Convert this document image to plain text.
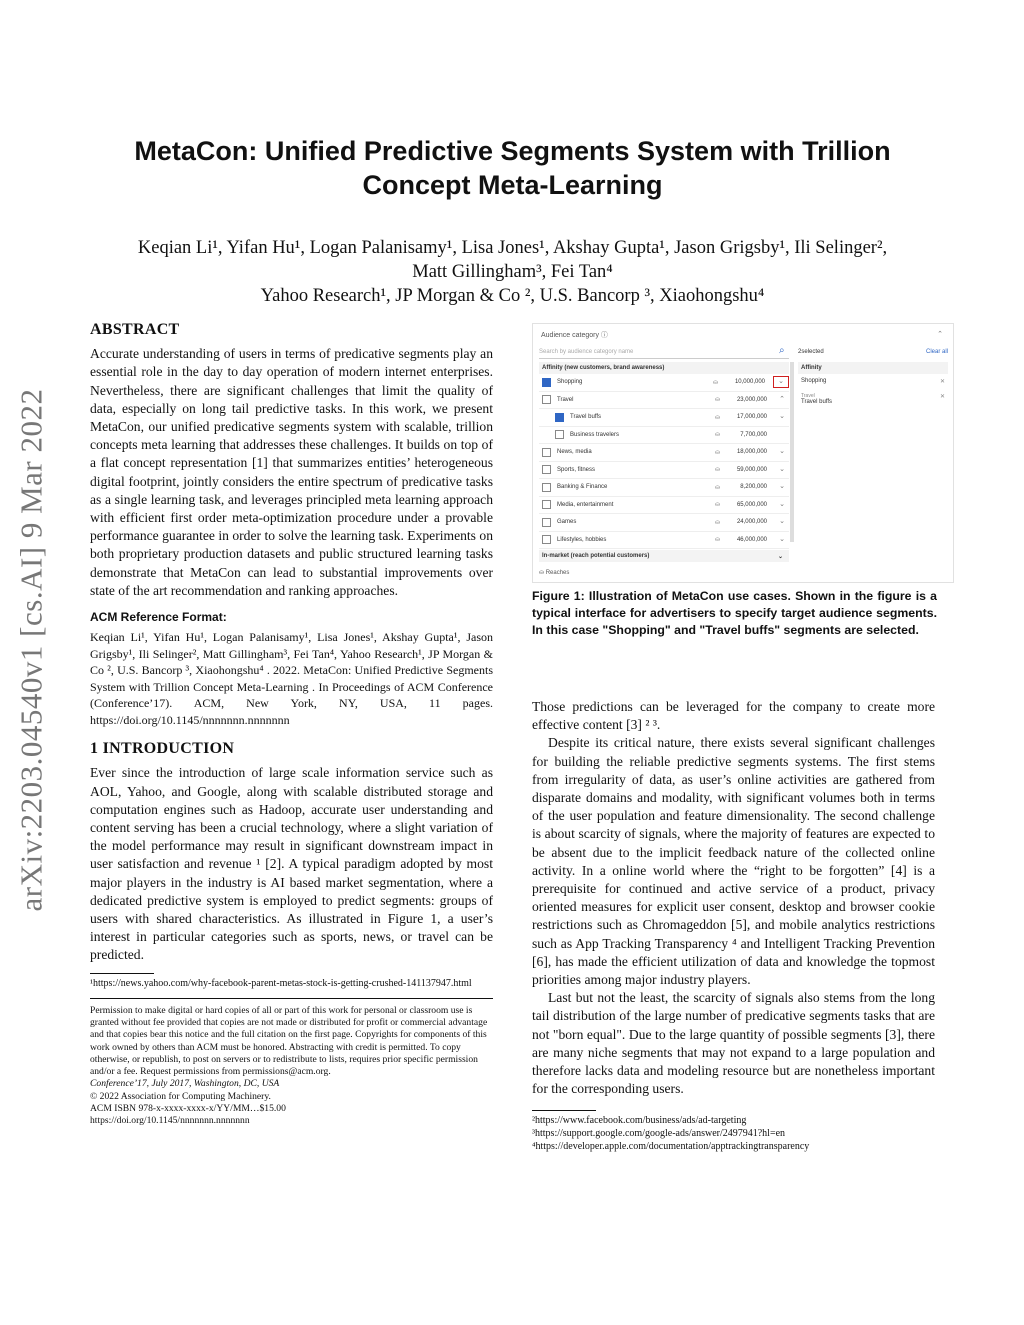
arXiv:2203.04540v1 [cs.AI] 9 Mar 2022
MetaCon: Unified Predictive Segments System with Trillion Concept Meta-Learning
Keqian Li¹, Yifan Hu¹, Logan Palanisamy¹, Lisa Jones¹, Akshay Gupta¹, Jason Grigsby¹, Ili Selinger², Matt Gillingham³, Fei Tan⁴
Yahoo Research¹, JP Morgan & Co ², U.S. Bancorp ³, Xiaohongshu⁴
ABSTRACT

Accurate understanding of users in terms of predicative segments play an essential role in the day to day operation of modern internet enterprises. Nevertheless, there are significant challenges that limit the quality of data, especially on long tail predictive tasks. In this work, we present MetaCon, our unified predicative segments system with scalable, trillion concepts meta learning that addresses these challenges. It builds on top of a flat concept representation [1] that summarizes entities’ heterogeneous digital footprint, jointly considers the entire spectrum of predicative tasks as a single learning task, and leverages principled meta learning approach with efficient first order meta-optimization procedure under a provable performance guarantee in order to solve the learning task. Experiments on both proprietary production datasets and public structured learning tasks demonstrate that MetaCon can lead to substantial improvements over state of the art recommendation and ranking approaches.

ACM Reference Format:

Keqian Li¹, Yifan Hu¹, Logan Palanisamy¹, Lisa Jones¹, Akshay Gupta¹, Jason Grigsby¹, Ili Selinger², Matt Gillingham³, Fei Tan⁴, Yahoo Research¹, JP Morgan & Co ², U.S. Bancorp ³, Xiaohongshu⁴ . 2022. MetaCon: Unified Predictive Segments System with Trillion Concept Meta-Learning . In Proceedings of ACM Conference (Conference’17). ACM, New York, NY, USA, 11 pages. https://doi.org/10.1145/nnnnnnn.nnnnnnn

1 INTRODUCTION

Ever since the introduction of large scale information service such as AOL, Yahoo, and Google, along with scalable distributed storage and computation engines such as Hadoop, accurate user understanding and content serving has been a crucial technology, where a slight variation of the model performance may result in significant downstream impact in user satisfaction and revenue ¹ [2]. A typical paradigm adopted by most major players in the industry is AI based market segmentation, where a dedicated predictive system is employed to predict segments: groups of users with shared characteristics. As illustrated in Figure 1, a user’s interest in particular categories such as sports, news, or travel can be predicted.

¹https://news.yahoo.com/why-facebook-parent-metas-stock-is-getting-crushed-141137947.html

Permission to make digital or hard copies of all or part of this work for personal or classroom use is granted without fee provided that copies are not made or distributed for profit or commercial advantage and that copies bear this notice and the full citation on the first page. Copyrights for components of this work owned by others than ACM must be honored. Abstracting with credit is permitted. To copy otherwise, or republish, to post on servers or to redistribute to lists, requires prior specific permission and/or a fee. Request permissions from permissions@acm.org.

Conference’17, July 2017, Washington, DC, USA

© 2022 Association for Computing Machinery.

ACM ISBN 978-x-xxxx-xxxx-x/YY/MM…$15.00

https://doi.org/10.1145/nnnnnnn.nnnnnnn

Audience category ⓘ	⌃
Search by audience category name	⌕
Affinity (new customers, brand awareness)
Shopping	⛀	10,000,000	⌄
Travel	⛀	23,000,000	⌃
Travel buffs	⛀	17,000,000	⌄
Business travelers	⛀	7,700,000
News, media	⛀	18,000,000	⌄
Sports, fitness	⛀	59,000,000	⌄
Banking & Finance	⛀	8,200,000	⌄
Media, entertainment	⛀	65,000,000	⌄
Games	⛀	24,000,000	⌄
Lifestyles, hobbies	⛀	46,000,000	⌄
In-market (reach potential customers)	⌄
⛀ Reaches
2selected	Clear all
Affinity
Shopping	✕
Travel
Travel buffs
✕
Figure 1: Illustration of MetaCon use cases. Shown in the figure is a typical interface for advertisers to specify target audience segments. In this case "Shopping" and "Travel buffs" segments are selected.

Those predictions can be leveraged for the company to create more effective content [3] ² ³.

Despite its critical nature, there exists several significant challenges for building the reliable predictive segments systems. The first stems from irregularity of data, as user’s online activities are gathered from disparate domains and modality, with significant volumes both in terms of the user population and feature dimensionality. The second challenge is about scarcity of signals, where the majority of features are expected to be absent due to the implicit feedback nature of the collected online activity. In a online world where the “right to be forgotten” [4] is a prerequisite for continued and active service of a product, privacy oriented measures for explicit user consent, desktop and browser cookie restrictions such as Chromageddon [5], and mobile analytics restrictions such as App Tracking Transparency ⁴ and Intelligent Tracking Prevention [6], has made the efficient utilization of data and knowledge the topmost priorities among major industry players.

Last but not the least, the scarcity of signals also stems from the long tail distribution of the large number of predicative segments tasks that are not "born equal". Due to the large quantity of possible segments [3], there are many niche segments that may not expand to a large population and therefore lacks data and modeling resource but are nonetheless important for the corresponding users.

²https://www.facebook.com/business/ads/ad-targeting

³https://support.google.com/google-ads/answer/2497941?hl=en

⁴https://developer.apple.com/documentation/apptrackingtransparency
